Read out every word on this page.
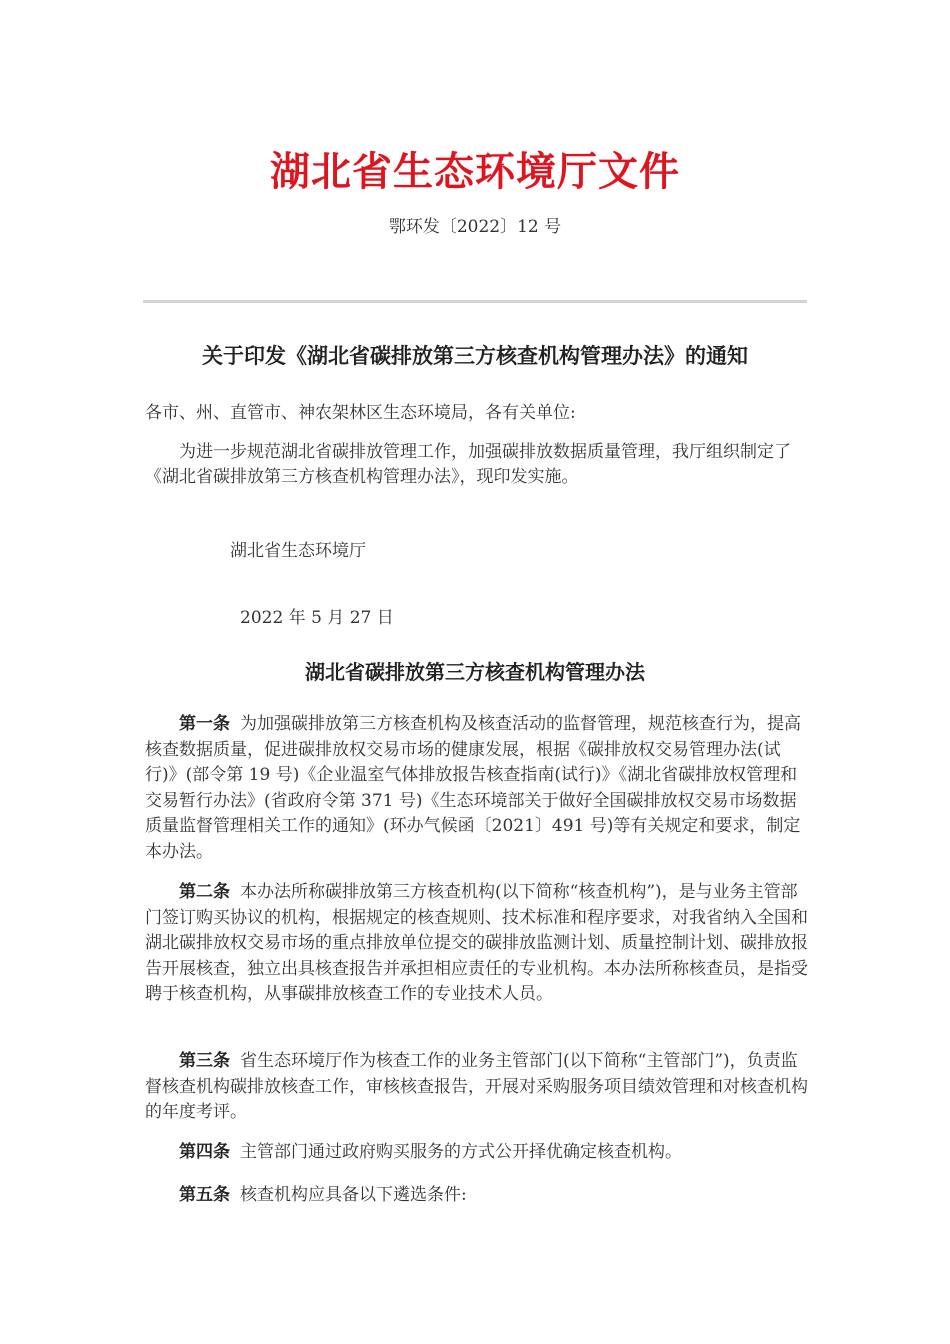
湖北省生态环境厅文件
鄂环发〔2022〕12 号
关于印发《湖北省碳排放第三方核查机构管理办法》的通知
各市、州、直管市、神农架林区生态环境局，各有关单位:
为进一步规范湖北省碳排放管理工作，加强碳排放数据质量管理，我厅组织制定了《湖北省碳排放第三方核查机构管理办法》，现印发实施。
湖北省生态环境厅
2022 年 5 月 27 日
湖北省碳排放第三方核查机构管理办法
第一条 为加强碳排放第三方核查机构及核查活动的监督管理，规范核查行为，提高核查数据质量，促进碳排放权交易市场的健康发展，根据《碳排放权交易管理办法(试行)》(部令第 19 号)《企业温室气体排放报告核查指南(试行)》《湖北省碳排放权管理和交易暂行办法》(省政府令第 371 号)《生态环境部关于做好全国碳排放权交易市场数据质量监督管理相关工作的通知》(环办气候函〔2021〕491 号)等有关规定和要求，制定本办法。
第二条 本办法所称碳排放第三方核查机构(以下简称“核查机构”)，是与业务主管部门签订购买协议的机构，根据规定的核查规则、技术标准和程序要求，对我省纳入全国和湖北碳排放权交易市场的重点排放单位提交的碳排放监测计划、质量控制计划、碳排放报告开展核查，独立出具核查报告并承担相应责任的专业机构。本办法所称核查员，是指受聘于核查机构，从事碳排放核查工作的专业技术人员。
第三条 省生态环境厅作为核查工作的业务主管部门(以下简称“主管部门”)，负责监督核查机构碳排放核查工作，审核核查报告，开展对采购服务项目绩效管理和对核查机构的年度考评。
第四条 主管部门通过政府购买服务的方式公开择优确定核查机构。
第五条 核查机构应具备以下遴选条件:
